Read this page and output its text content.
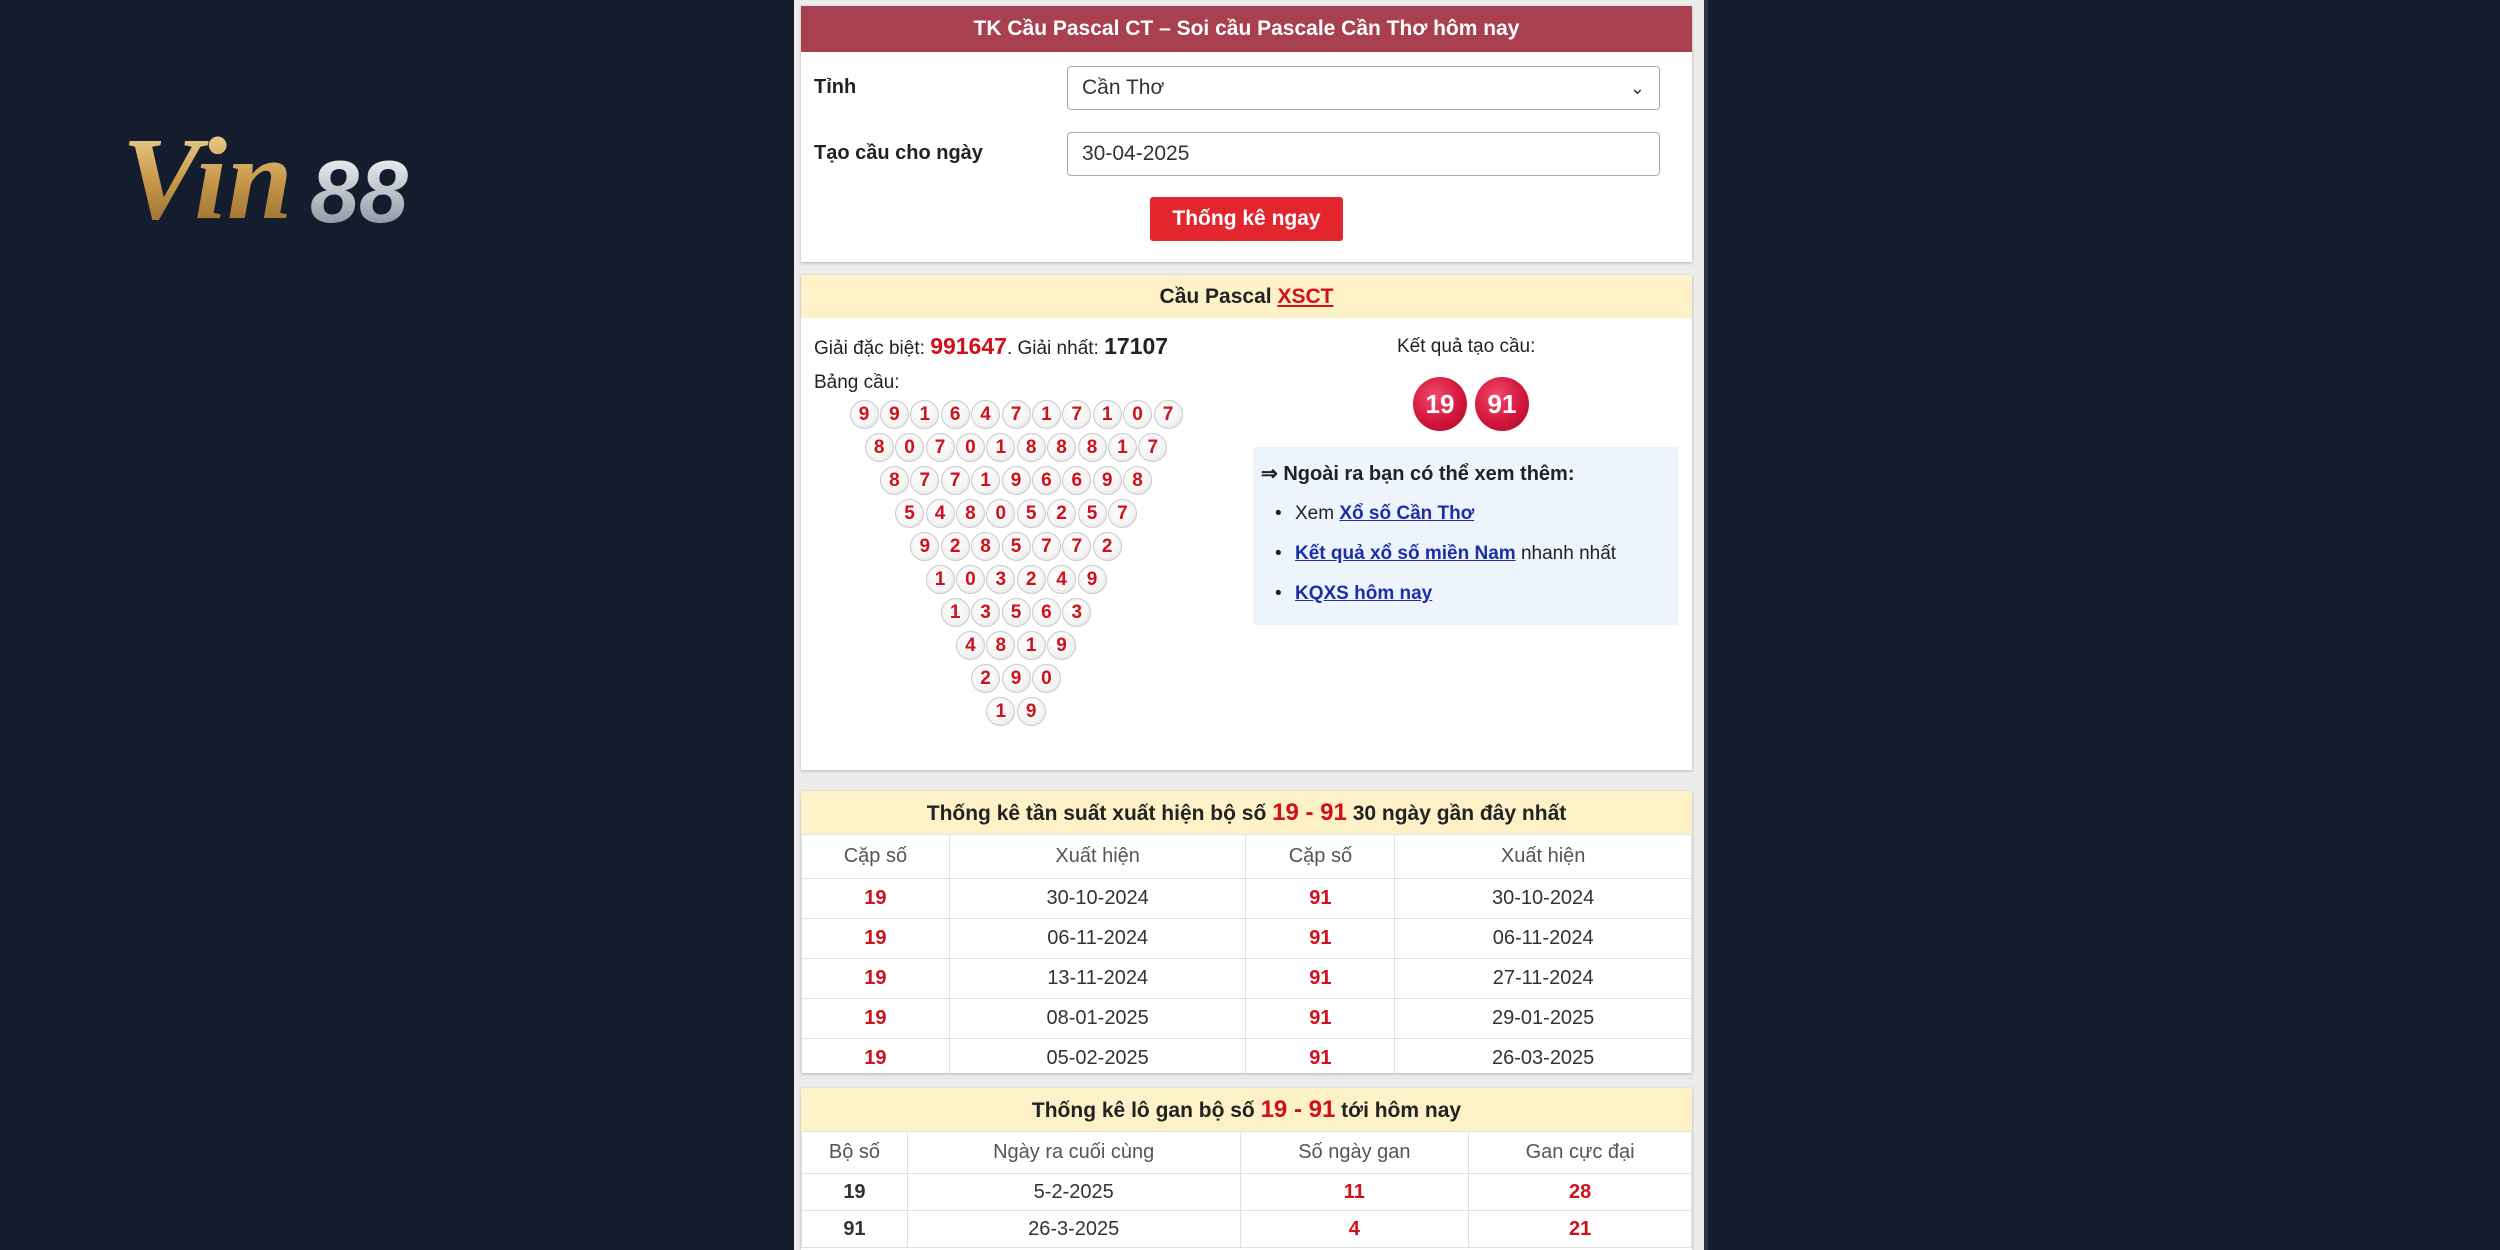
Vin 88
TK Cầu Pascal CT – Soi cầu Pascale Cần Thơ hôm nay
Tỉnh	Cần Thơ	⌄
Tạo cầu cho ngày	30-04-2025
Thống kê ngay
Cầu Pascal XSCT
Giải đặc biệt: 991647. Giải nhất: 17107
Bảng cầu:
9	9	1	6	4	7	1	7	1	0	7
8	0	7	0	1	8	8	8	1	7
8	7	7	1	9	6	6	9	8
5	4	8	0	5	2	5	7
9	2	8	5	7	7	2
1	0	3	2	4	9
1	3	5	6	3
4	8	1	9
2	9	0
1	9
Kết quả tạo cầu:
19	91
⇒ Ngoài ra bạn có thể xem thêm:
• Xem Xổ số Cần Thơ
• Kết quả xổ số miền Nam nhanh nhất
• KQXS hôm nay
Thống kê tần suất xuất hiện bộ số 19 - 91 30 ngày gần đây nhất
Cặp số	Xuất hiện	Cặp số	Xuất hiện
19	30-10-2024	91	30-10-2024
19	06-11-2024	91	06-11-2024
19	13-11-2024	91	27-11-2024
19	08-01-2025	91	29-01-2025
19	05-02-2025	91	26-03-2025
Thống kê lô gan bộ số 19 - 91 tới hôm nay
Bộ số	Ngày ra cuối cùng	Số ngày gan	Gan cực đại
19	5-2-2025	11	28
91	26-3-2025	4	21
